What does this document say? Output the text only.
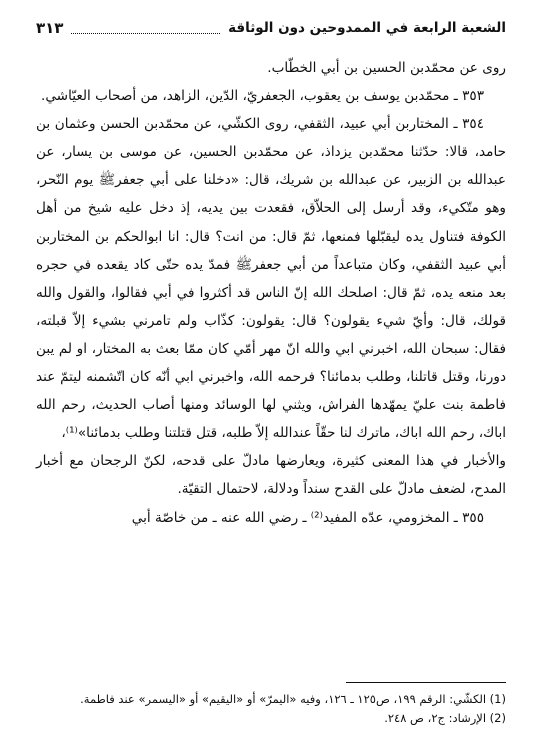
الشعبة الرابعة في الممدوحين دون الوثاقة
٣١٣

روى عن محمّدبن الحسين بن أبي الخطّاب.

٣٥٣ ـ محمّدبن يوسف بن يعقوب، الجعفريّ، الدّين، الزاهد، من أصحاب العيّاشي.

٣٥٤ ـ المختاربن أبي عبيد، الثقفي، روى الكشّي، عن محمّدبن الحسن وعثمان بن حامد، قالا: حدّثنا محمّدبن يزداذ، عن محمّدبن الحسين، عن موسى بن يسار، عن عبدالله بن الزبير، عن عبدالله بن شريك، قال: «دخلنا على أبي جعفرﷺ يوم النّحر، وهو متّكيء، وقد أرسل إلى الحلاّق، فقعدت بين يديه، إذ دخل عليه شيخ من أهل الكوفة فتناول يده ليقبّلها فمنعها، ثمّ قال: من انت؟ قال: انا ابوالحكم بن المختاربن أبي عبيد الثقفي، وكان متباعداً من أبي جعفرﷺ فمدّ يده حتّى كاد يقعده في حجره بعد منعه يده، ثمّ قال: اصلحك الله إنّ الناس قد أكثروا في أبي فقالوا، والقول والله قولك، قال: وأيّ شيء يقولون؟ قال: يقولون: كذّاب ولم تامرني بشيء إلاّ قبلته، فقال: سبحان الله، اخبرني ابي والله انّ مهر أمّي كان ممّا بعث به المختار، او لم يبن دورنا، وقتل قاتلنا، وطلب بدمائنا؟ فرحمه الله، واخبرني ابي أنّه كان اتّشمنه ليتمّ عند فاطمة بنت عليّ يمهّدها الفراش، ويثني لها الوسائد ومنها أصاب الحديث، رحم الله اباك، رحم الله اباك، ماترك لنا حقّاً عندالله إلاّ طلبه، قتل قتلتنا وطلب بدمائنا»⁽¹⁾،

والأخبار في هذا المعنى كثيرة، ويعارضها مادلّ على قدحه، لكنّ الرجحان مع أخبار المدح، لضعف مادلّ على القدح سنداً ودلالة، لاحتمال التقيّة.

٣٥٥ ـ المخزومي، عدّه المفيد⁽²⁾ ـ رضي الله عنه ـ من خاصّة أبي

(1) الكشّي: الرقم ١٩٩، ص١٢٥ ـ ١٢٦، وفيه «اليمرّ» أو «اليقيم» أو «اليسمر» عند فاطمة.

(2) الإرشاد: ج٢، ص ٢٤٨.
